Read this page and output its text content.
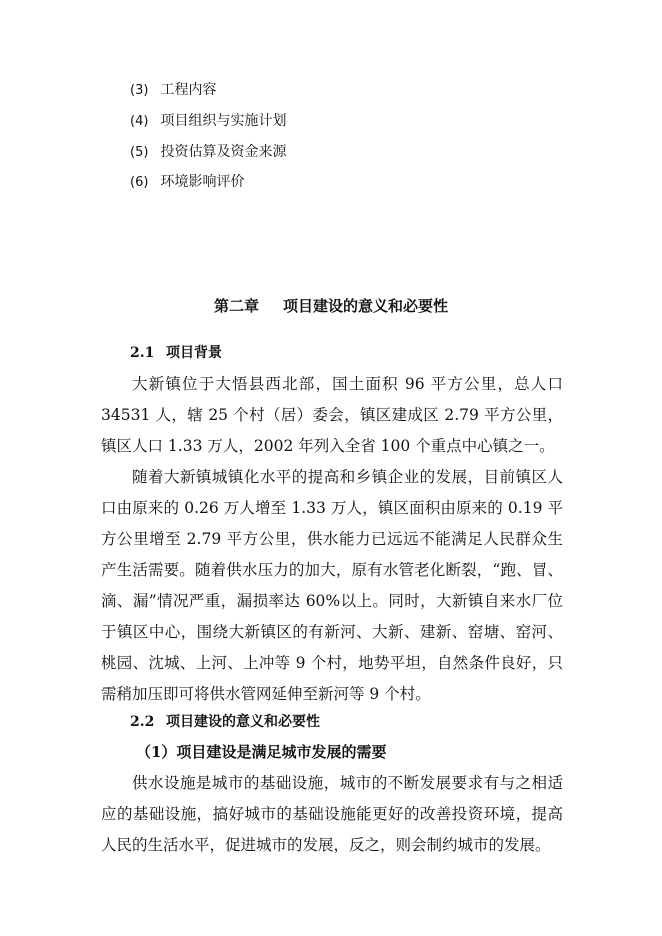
(3) 工程内容
(4) 项目组织与实施计划
(5) 投资估算及资金来源
(6) 环境影响评价
第二章 项目建设的意义和必要性
2.1 项目背景

大新镇位于大悟县西北部，国土面积 96 平方公里，总人口 34531 人，辖 25 个村（居）委会，镇区建成区 2.79 平方公里，镇区人口 1.33 万人，2002 年列入全省 100 个重点中心镇之一。

随着大新镇城镇化水平的提高和乡镇企业的发展，目前镇区人口由原来的 0.26 万人增至 1.33 万人，镇区面积由原来的 0.19 平方公里增至 2.79 平方公里，供水能力已远远不能满足人民群众生产生活需要。随着供水压力的加大，原有水管老化断裂，“跑、冒、滴、漏”情况严重，漏损率达 60%以上。同时，大新镇自来水厂位于镇区中心，围绕大新镇区的有新河、大新、建新、窑塘、窑河、桃园、沈城、上河、上冲等 9 个村，地势平坦，自然条件良好，只需稍加压即可将供水管网延伸至新河等 9 个村。

2.2 项目建设的意义和必要性
（1）项目建设是满足城市发展的需要

供水设施是城市的基础设施，城市的不断发展要求有与之相适应的基础设施，搞好城市的基础设施能更好的改善投资环境，提高人民的生活水平，促进城市的发展，反之，则会制约城市的发展。
